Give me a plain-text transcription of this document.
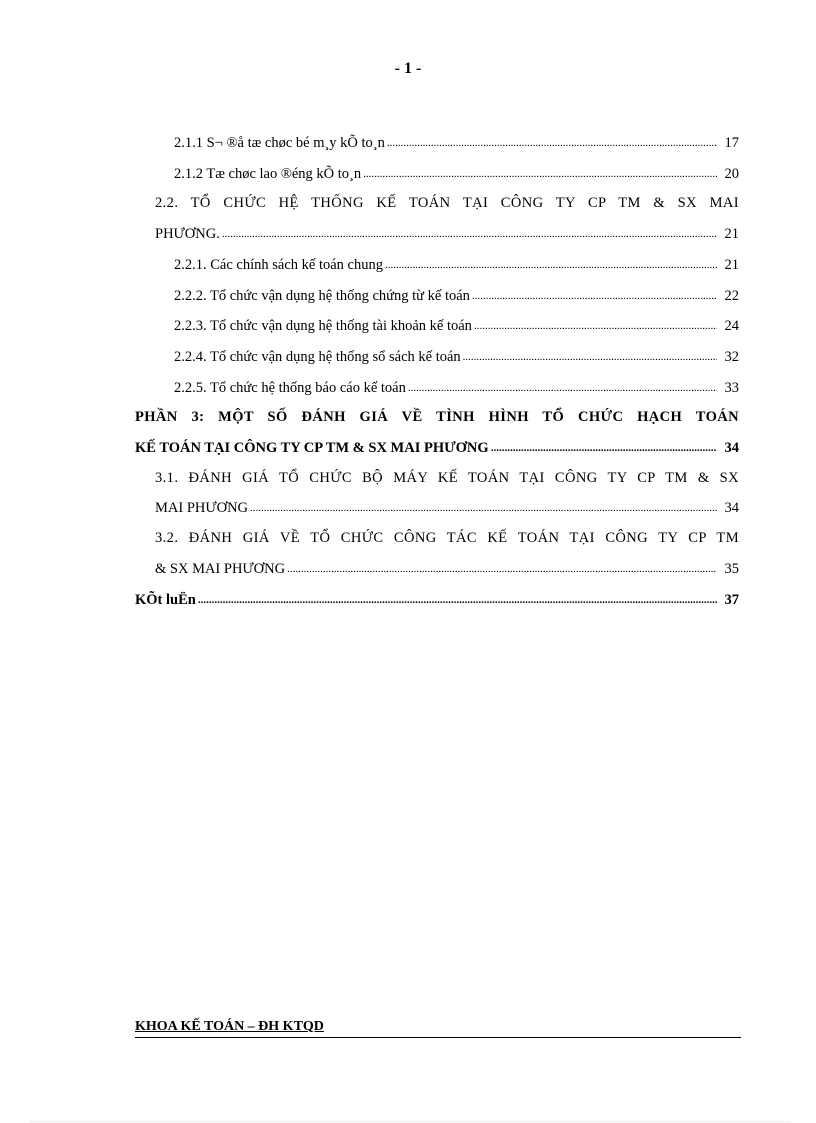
- 1 -
2.1.1 S¬ ®å tæ chøc bé m¸y kÕ to¸n .....	17
2.1.2 Tæ chøc lao ®éng kÕ to¸n .....	20
2.2. TỔ CHỨC HỆ THỐNG KẾ TOÁN TẠI CÔNG TY CP TM & SX MAI
PHƯƠNG. .....	21
2.2.1. Các chính sách kế toán chung .....	21
2.2.2. Tổ chức vận dụng hệ thống chứng từ kế toán .....	22
2.2.3. Tổ chức vận dụng hệ thống tài khoản kế toán .....	24
2.2.4. Tổ chức vận dụng hệ thống sổ sách kế toán .....	32
2.2.5. Tổ chức hệ thống báo cáo kế toán .....	33
PHẦN 3: MỘT SỐ ĐÁNH GIÁ VỀ TÌNH HÌNH TỔ CHỨC HẠCH TOÁN
KẾ TOÁN TẠI CÔNG TY CP TM & SX MAI PHƯƠNG .....	34
3.1. ĐÁNH GIÁ TỔ CHỨC BỘ MÁY KẾ TOÁN TẠI CÔNG TY CP TM & SX
MAI PHƯƠNG .....	34
3.2. ĐÁNH GIÁ VỀ TỔ CHỨC CÔNG TÁC KẾ TOÁN TẠI CÔNG TY CP TM
& SX MAI PHƯƠNG .....	35
KÕt luËn .....	37
KHOA KẾ TOÁN – ĐH KTQD
